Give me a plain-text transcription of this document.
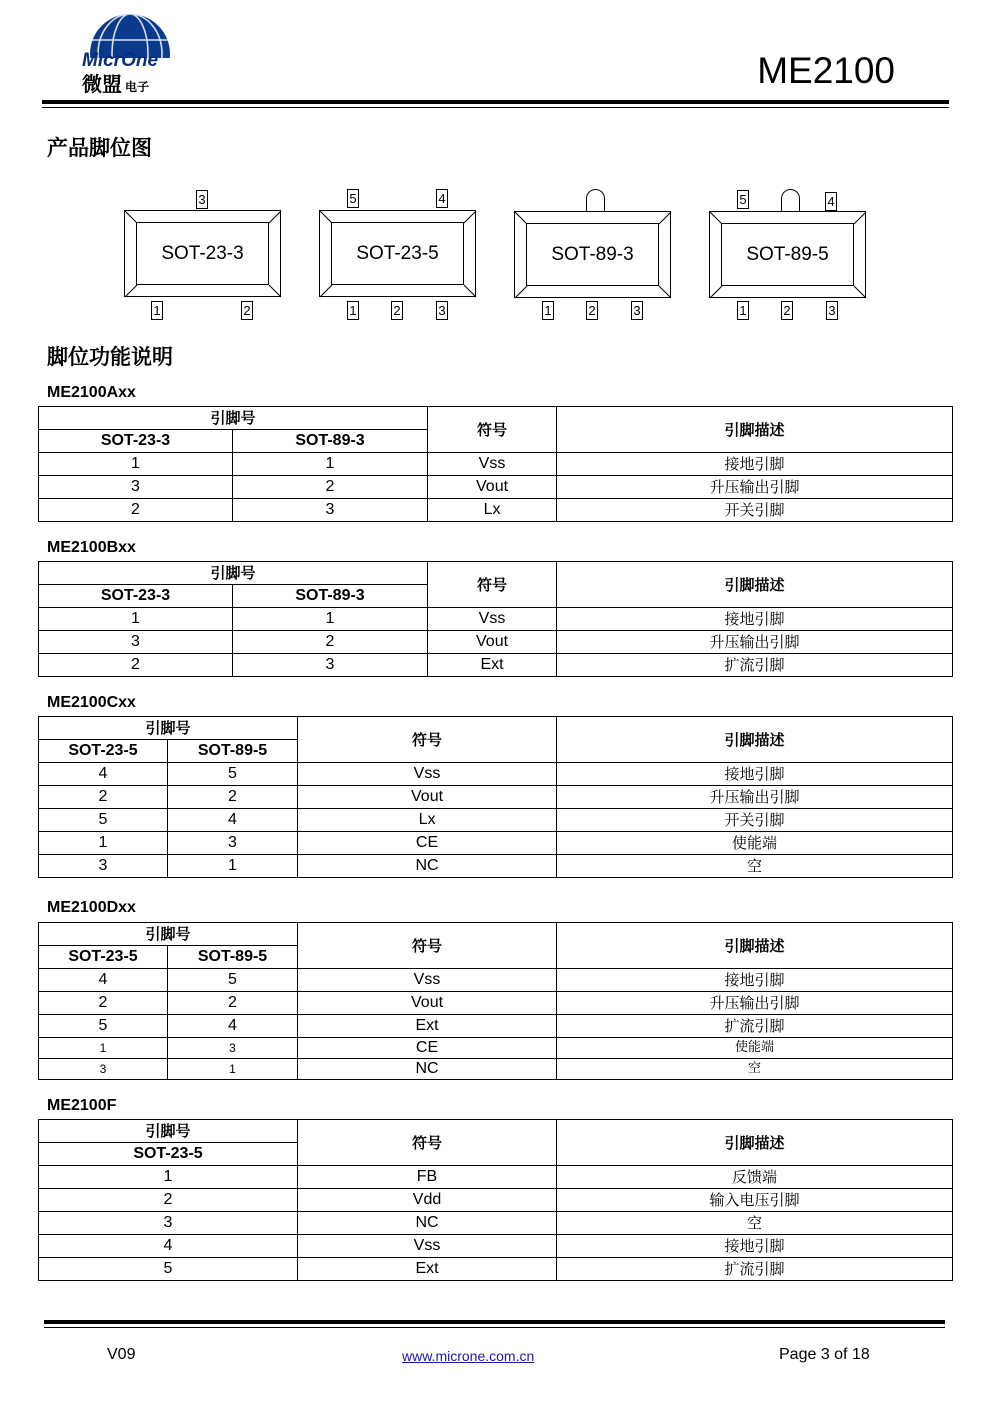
MicrOne
微盟 电子	ME2100
产品脚位图
3
SOT-23-3
1	2
5	4
SOT-23-5
1	2	3
SOT-89-3
1	2	3
5	4
SOT-89-5
1	2	3
脚位功能说明
ME2100Axx
引脚号		符号	引脚描述
SOT-23-3	SOT-89-3		
1	1	Vss	接地引脚
3	2	Vout	升压输出引脚
2	3	Lx	开关引脚
ME2100Bxx
引脚号		符号	引脚描述
SOT-23-3	SOT-89-3		
1	1	Vss	接地引脚
3	2	Vout	升压输出引脚
2	3	Ext	扩流引脚
ME2100Cxx
引脚号		符号	引脚描述
SOT-23-5	SOT-89-5		
4	5	Vss	接地引脚
2	2	Vout	升压输出引脚
5	4	Lx	开关引脚
1	3	CE	使能端
3	1	NC	空
ME2100Dxx
引脚号		符号	引脚描述
SOT-23-5	SOT-89-5		
4	5	Vss	接地引脚
2	2	Vout	升压输出引脚
5	4	Ext	扩流引脚
1	3	CE	使能端
3	1	NC	空
ME2100F
引脚号	符号	引脚描述
SOT-23-5		
1	FB	反馈端
2	Vdd	输入电压引脚
3	NC	空
4	Vss	接地引脚
5	Ext	扩流引脚
V09	www.microne.com.cn	Page 3 of 18
